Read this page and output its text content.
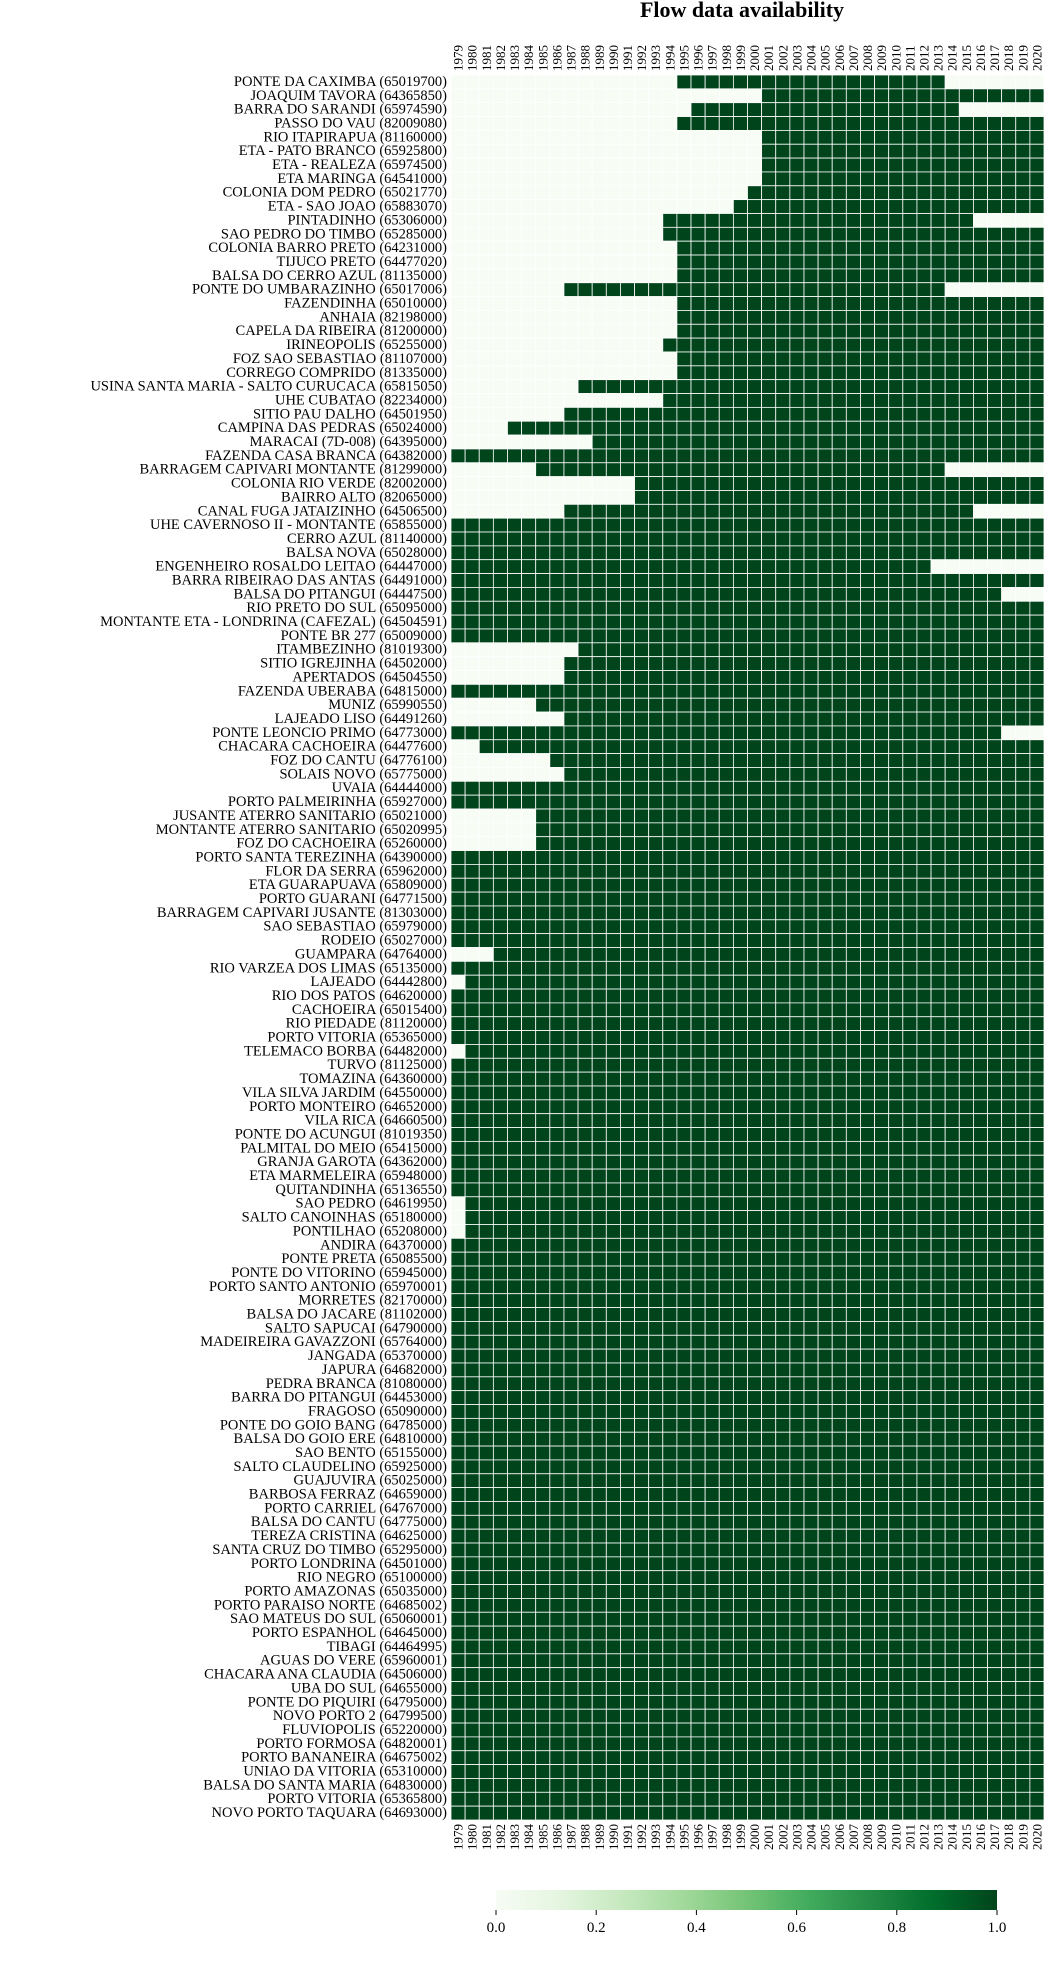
Flow data availability
PONTE DA CAXIMBA (65019700)
JOAQUIM TAVORA (64365850)
BARRA DO SARANDI (65974590)
PASSO DO VAU (82009080)
RIO ITAPIRAPUA (81160000)
ETA - PATO BRANCO (65925800)
ETA - REALEZA (65974500)
ETA MARINGA (64541000)
COLONIA DOM PEDRO (65021770)
ETA - SAO JOAO (65883070)
PINTADINHO (65306000)
SAO PEDRO DO TIMBO (65285000)
COLONIA BARRO PRETO (64231000)
TIJUCO PRETO (64477020)
BALSA DO CERRO AZUL (81135000)
PONTE DO UMBARAZINHO (65017006)
FAZENDINHA (65010000)
ANHAIA (82198000)
CAPELA DA RIBEIRA (81200000)
IRINEOPOLIS (65255000)
FOZ SAO SEBASTIAO (81107000)
CORREGO COMPRIDO (81335000)
USINA SANTA MARIA - SALTO CURUCACA (65815050)
UHE CUBATAO (82234000)
SITIO PAU DALHO (64501950)
CAMPINA DAS PEDRAS (65024000)
MARACAI (7D-008) (64395000)
FAZENDA CASA BRANCA (64382000)
BARRAGEM CAPIVARI MONTANTE (81299000)
COLONIA RIO VERDE (82002000)
BAIRRO ALTO (82065000)
CANAL FUGA JATAIZINHO (64506500)
UHE CAVERNOSO II - MONTANTE (65855000)
CERRO AZUL (81140000)
BALSA NOVA (65028000)
ENGENHEIRO ROSALDO LEITAO (64447000)
BARRA RIBEIRAO DAS ANTAS (64491000)
BALSA DO PITANGUI (64447500)
RIO PRETO DO SUL (65095000)
MONTANTE ETA - LONDRINA (CAFEZAL) (64504591)
PONTE BR 277 (65009000)
ITAMBEZINHO (81019300)
SITIO IGREJINHA (64502000)
APERTADOS (64504550)
FAZENDA UBERABA (64815000)
MUNIZ (65990550)
LAJEADO LISO (64491260)
PONTE LEONCIO PRIMO (64773000)
CHACARA CACHOEIRA (64477600)
FOZ DO CANTU (64776100)
SOLAIS NOVO (65775000)
UVAIA (64444000)
PORTO PALMEIRINHA (65927000)
JUSANTE ATERRO SANITARIO (65021000)
MONTANTE ATERRO SANITARIO (65020995)
FOZ DO CACHOEIRA (65260000)
PORTO SANTA TEREZINHA (64390000)
FLOR DA SERRA (65962000)
ETA GUARAPUAVA (65809000)
PORTO GUARANI (64771500)
BARRAGEM CAPIVARI JUSANTE (81303000)
SAO SEBASTIAO (65979000)
RODEIO (65027000)
GUAMPARA (64764000)
RIO VARZEA DOS LIMAS (65135000)
LAJEADO (64442800)
RIO DOS PATOS (64620000)
CACHOEIRA (65015400)
RIO PIEDADE (81120000)
PORTO VITORIA (65365000)
TELEMACO BORBA (64482000)
TURVO (81125000)
TOMAZINA (64360000)
VILA SILVA JARDIM (64550000)
PORTO MONTEIRO (64652000)
VILA RICA (64660500)
PONTE DO ACUNGUI (81019350)
PALMITAL DO MEIO (65415000)
GRANJA GAROTA (64362000)
ETA MARMELEIRA (65948000)
QUITANDINHA (65136550)
SAO PEDRO (64619950)
SALTO CANOINHAS (65180000)
PONTILHAO (65208000)
ANDIRA (64370000)
PONTE PRETA (65085500)
PONTE DO VITORINO (65945000)
PORTO SANTO ANTONIO (65970001)
MORRETES (82170000)
BALSA DO JACARE (81102000)
SALTO SAPUCAI (64790000)
MADEIREIRA GAVAZZONI (65764000)
JANGADA (65370000)
JAPURA (64682000)
PEDRA BRANCA (81080000)
BARRA DO PITANGUI (64453000)
FRAGOSO (65090000)
PONTE DO GOIO BANG (64785000)
BALSA DO GOIO ERE (64810000)
SAO BENTO (65155000)
SALTO CLAUDELINO (65925000)
GUAJUVIRA (65025000)
BARBOSA FERRAZ (64659000)
PORTO CARRIEL (64767000)
BALSA DO CANTU (64775000)
TEREZA CRISTINA (64625000)
SANTA CRUZ DO TIMBO (65295000)
PORTO LONDRINA (64501000)
RIO NEGRO (65100000)
PORTO AMAZONAS (65035000)
PORTO PARAISO NORTE (64685002)
SAO MATEUS DO SUL (65060001)
PORTO ESPANHOL (64645000)
TIBAGI (64464995)
AGUAS DO VERE (65960001)
CHACARA ANA CLAUDIA (64506000)
UBA DO SUL (64655000)
PONTE DO PIQUIRI (64795000)
NOVO PORTO 2 (64799500)
FLUVIOPOLIS (65220000)
PORTO FORMOSA (64820001)
PORTO BANANEIRA (64675002)
UNIAO DA VITORIA (65310000)
BALSA DO SANTA MARIA (64830000)
PORTO VITORIA (65365800)
NOVO PORTO TAQUARA (64693000)
1979 1980 1981 1982 1983 1984 1985 1986 1987 1988 1989 1990 1991 1992 1993 1994 1995 1996 1997 1998 1999 2000 2001 2002 2003 2004 2005 2006 2007 2008 2009 2010 2011 2012 2013 2014 2015 2016 2017 2018 2019 2020
1979 1980 1981 1982 1983 1984 1985 1986 1987 1988 1989 1990 1991 1992 1993 1994 1995 1996 1997 1998 1999 2000 2001 2002 2003 2004 2005 2006 2007 2008 2009 2010 2011 2012 2013 2014 2015 2016 2017 2018 2019 2020
0.0	0.2	0.4	0.6	0.8	1.0
